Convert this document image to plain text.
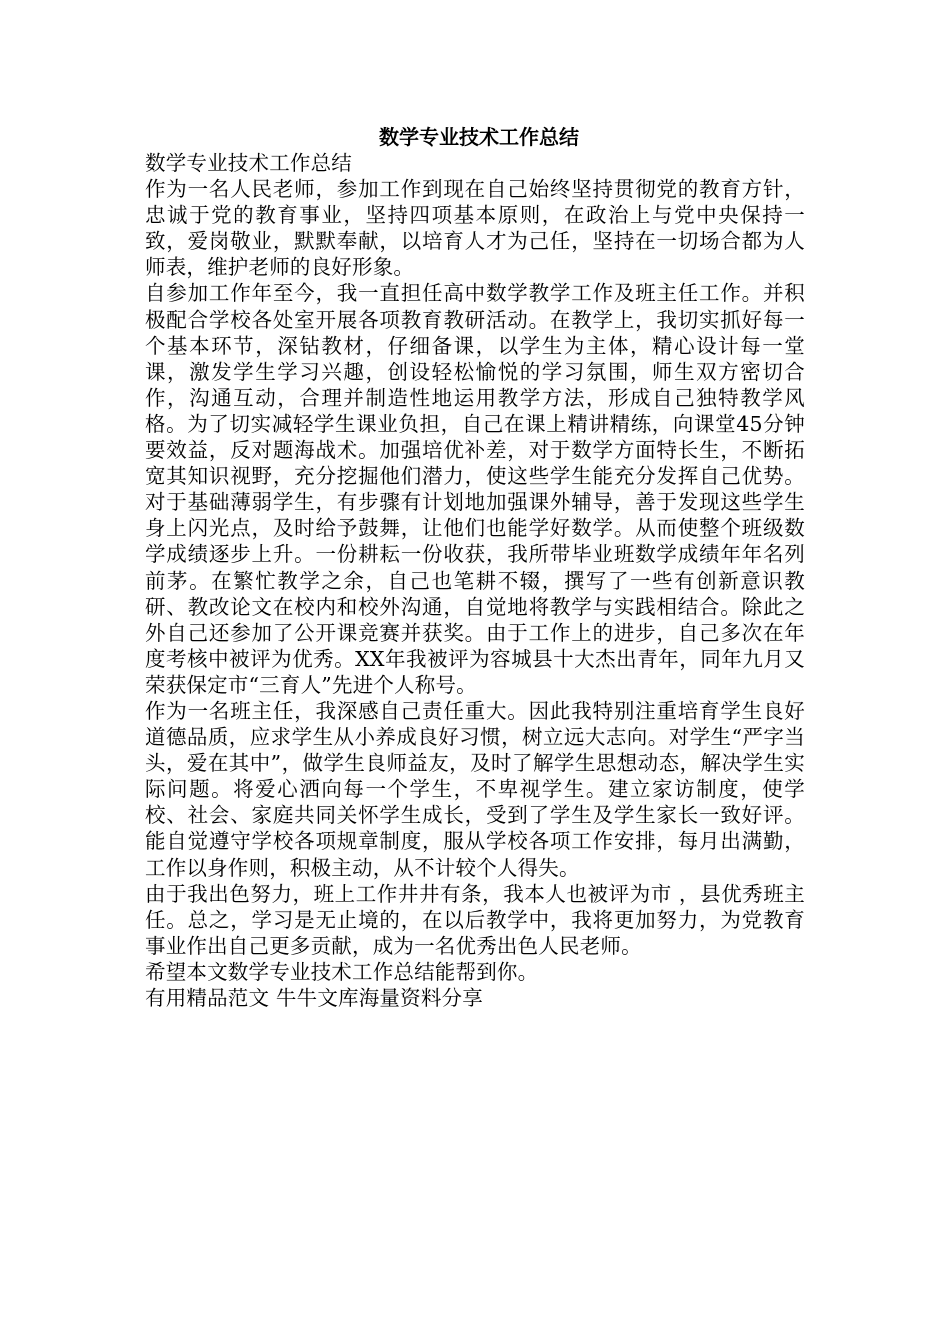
数学专业技术工作总结

数学专业技术工作总结

作为一名人民老师，参加工作到现在自己始终坚持贯彻党的教育方针，忠诚于党的教育事业，坚持四项基本原则，在政治上与党中央保持一致，爱岗敬业，默默奉献，以培育人才为己任，坚持在一切场合都为人师表，维护老师的良好形象。

自参加工作年至今，我一直担任高中数学教学工作及班主任工作。并积极配合学校各处室开展各项教育教研活动。在教学上，我切实抓好每一个基本环节，深钻教材，仔细备课，以学生为主体，精心设计每一堂课，激发学生学习兴趣，创设轻松愉悦的学习氛围，师生双方密切合作，沟通互动，合理并制造性地运用教学方法，形成自己独特教学风格。为了切实减轻学生课业负担，自己在课上精讲精练，向课堂45分钟要效益，反对题海战术。加强培优补差，对于数学方面特长生，不断拓宽其知识视野，充分挖掘他们潜力，使这些学生能充分发挥自己优势。对于基础薄弱学生，有步骤有计划地加强课外辅导，善于发现这些学生身上闪光点，及时给予鼓舞，让他们也能学好数学。从而使整个班级数学成绩逐步上升。一份耕耘一份收获，我所带毕业班数学成绩年年名列前茅。在繁忙教学之余，自己也笔耕不辍，撰写了一些有创新意识教研、教改论文在校内和校外沟通，自觉地将教学与实践相结合。除此之外自己还参加了公开课竞赛并获奖。由于工作上的进步，自己多次在年度考核中被评为优秀。XX年我被评为容城县十大杰出青年，同年九月又荣获保定市“三育人”先进个人称号。

作为一名班主任，我深感自己责任重大。因此我特别注重培育学生良好道德品质，应求学生从小养成良好习惯，树立远大志向。对学生“严字当头，爱在其中”，做学生良师益友，及时了解学生思想动态，解决学生实际问题。将爱心洒向每一个学生，不卑视学生。建立家访制度，使学校、社会、家庭共同关怀学生成长，受到了学生及学生家长一致好评。能自觉遵守学校各项规章制度，服从学校各项工作安排，每月出满勤，工作以身作则，积极主动，从不计较个人得失。

由于我出色努力，班上工作井井有条，我本人也被评为市 ，县优秀班主任。总之，学习是无止境的，在以后教学中，我将更加努力，为党教育事业作出自己更多贡献，成为一名优秀出色人民老师。

希望本文数学专业技术工作总结能帮到你。

有用精品范文 牛牛文库海量资料分享
